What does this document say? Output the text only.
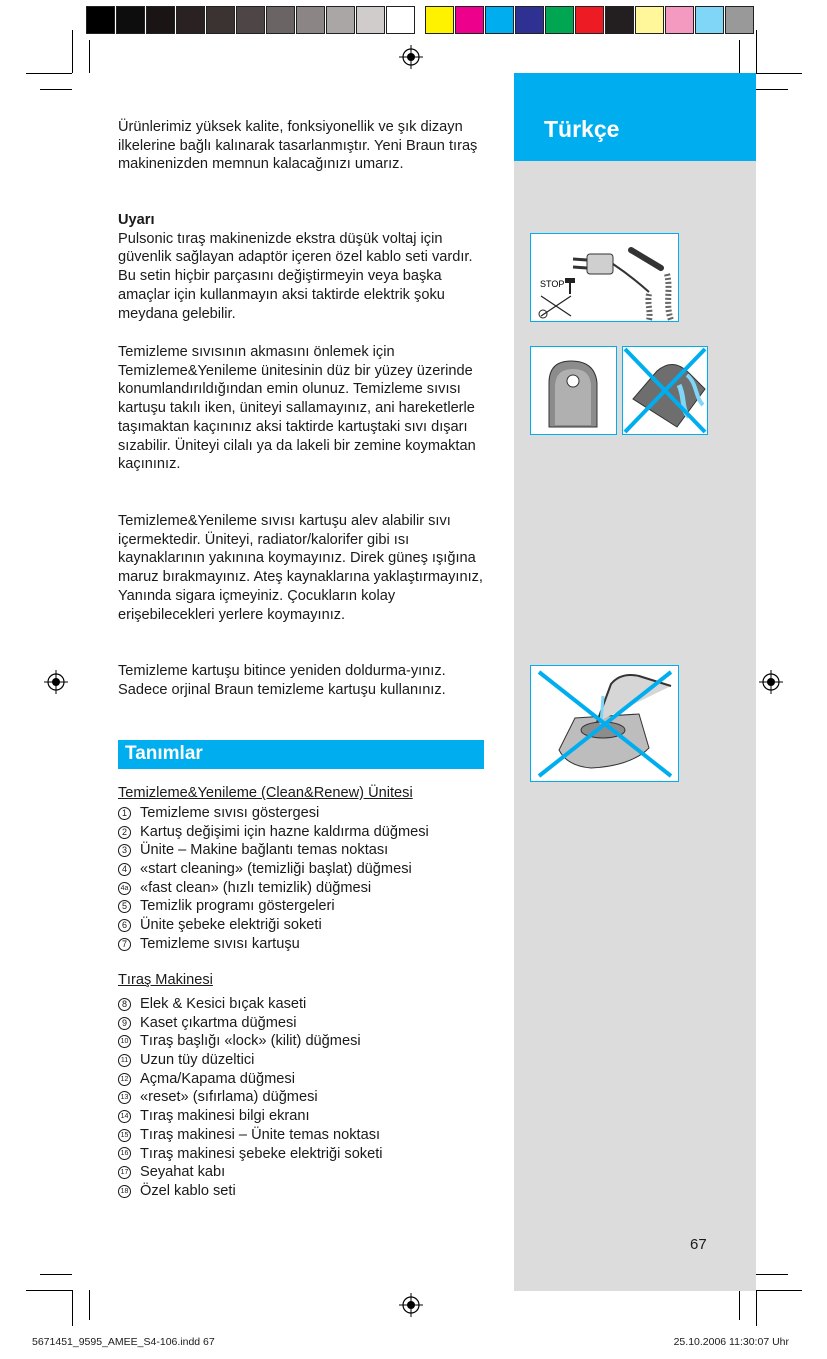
Türkçe
STOP

Ürünlerimiz yüksek kalite, fonksiyonellik ve şık dizayn ilkelerine bağlı kalınarak tasarlanmıştır. Yeni Braun tıraş makinenizden memnun kalacağınızı umarız.

Uyarı

Pulsonic tıraş makinenizde ekstra düşük voltaj için güvenlik sağlayan adaptör içeren özel kablo seti vardır. Bu setin hiçbir parçasını değiştirmeyin veya başka amaçlar için kullanmayın aksi taktirde elektrik şoku meydana gelebilir.

Temizleme sıvısının akmasını önlemek için Temizleme&Yenileme ünitesinin düz bir yüzey üzerinde konumlandırıldığından emin olunuz. Temizleme sıvısı kartuşu takılı iken, üniteyi sallamayınız, ani hareketlerle taşımaktan kaçınınız aksi taktirde kartuştaki sıvı dışarı sızabilir. Üniteyi cilalı ya da lakeli bir zemine koymaktan kaçınınız.

Temizleme&Yenileme sıvısı kartuşu alev alabilir sıvı içermektedir. Üniteyi, radiator/kalorifer gibi ısı kaynaklarının yakınına koymayınız. Direk güneş ışığına maruz bırakmayınız. Ateş kaynaklarına yaklaştırmayınız, Yanında sigara içmeyiniz. Çocukların kolay erişebilecekleri yerlere koymayınız.

Temizleme kartuşu bitince yeniden doldurma-yınız. Sadece orjinal Braun temizleme kartuşu kullanınız.

Tanımlar
Temizleme&Yenileme (Clean&Renew) Ünitesi
1 Temizleme sıvısı göstergesi
2 Kartuş değişimi için hazne kaldırma düğmesi
3 Ünite – Makine bağlantı temas noktası
4 «start cleaning» (temizliği başlat) düğmesi
4a «fast clean» (hızlı temizlik) düğmesi
5 Temizlik programı göstergeleri
6 Ünite şebeke elektriği soketi
7 Temizleme sıvısı kartuşu
Tıraş Makinesi
8 Elek & Kesici bıçak kaseti
9 Kaset çıkartma düğmesi
10 Tıraş başlığı «lock» (kilit) düğmesi
11 Uzun tüy düzeltici
12 Açma/Kapama düğmesi
13 «reset» (sıfırlama) düğmesi
14 Tıraş makinesi bilgi ekranı
15 Tıraş makinesi – Ünite temas noktası
16 Tıraş makinesi şebeke elektriği soketi
17 Seyahat kabı
18 Özel kablo seti
67
5671451_9595_AMEE_S4-106.indd 67	25.10.2006 11:30:07 Uhr
